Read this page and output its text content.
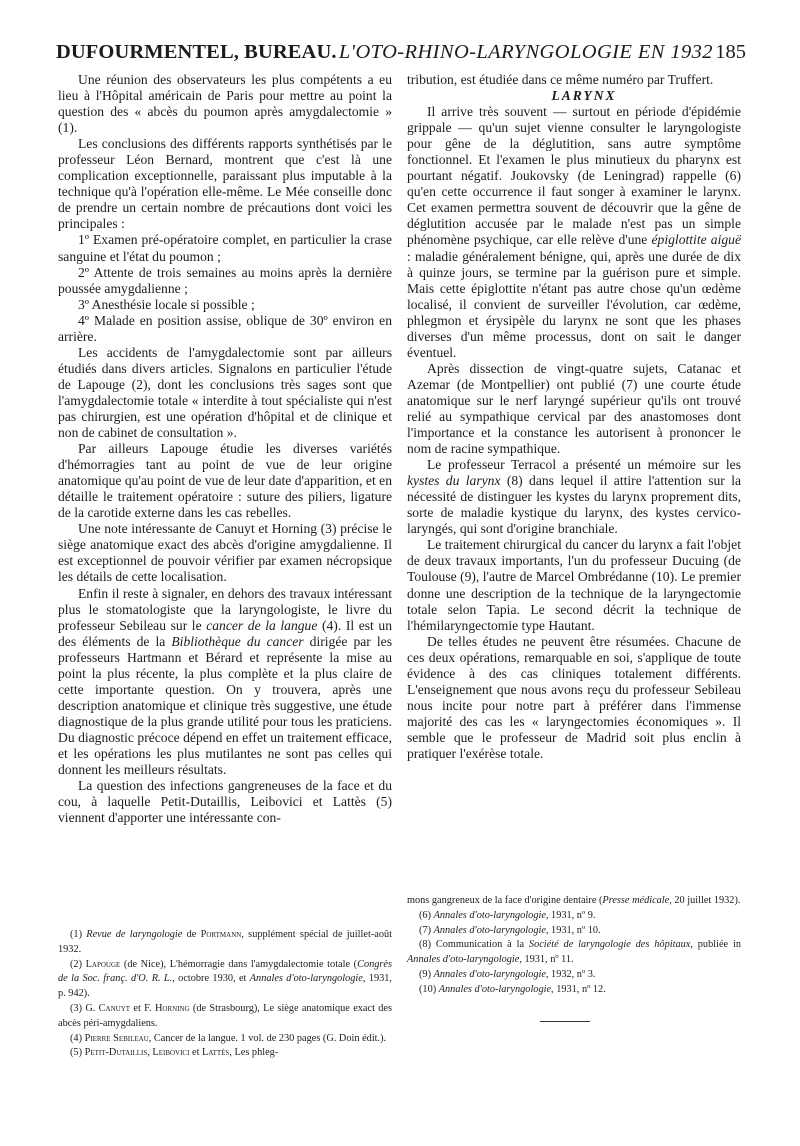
DUFOURMENTEL, BUREAU. L'OTO-RHINO-LARYNGOLOGIE EN 1932 185

Une réunion des observateurs les plus compétents a eu lieu à l'Hôpital américain de Paris pour mettre au point la question des « abcès du poumon après amygdalectomie » (1).

Les conclusions des différents rapports synthétisés par le professeur Léon Bernard, montrent que c'est là une complication exceptionnelle, paraissant plus imputable à la technique qu'à l'opération elle-même. Le Mée conseille donc de prendre un certain nombre de précautions dont voici les principales :

1º Examen pré-opératoire complet, en particulier la crase sanguine et l'état du poumon ;

2º Attente de trois semaines au moins après la dernière poussée amygdalienne ;

3º Anesthésie locale si possible ;

4º Malade en position assise, oblique de 30º environ en arrière.

Les accidents de l'amygdalectomie sont par ailleurs étudiés dans divers articles. Signalons en particulier l'étude de Lapouge (2), dont les conclusions très sages sont que l'amygdalectomie totale « interdite à tout spécialiste qui n'est pas chirurgien, est une opération d'hôpital et de clinique et non de cabinet de consultation ».

Par ailleurs Lapouge étudie les diverses variétés d'hémorragies tant au point de vue de leur origine anatomique qu'au point de vue de leur date d'apparition, et en détaille le traitement opératoire : suture des piliers, ligature de la carotide externe dans les cas rebelles.

Une note intéressante de Canuyt et Horning (3) précise le siège anatomique exact des abcès d'origine amygdalienne. Il est exceptionnel de pouvoir vérifier par examen nécropsique les détails de cette localisation.

Enfin il reste à signaler, en dehors des travaux intéressant plus le stomatologiste que la laryngologiste, le livre du professeur Sebileau sur le cancer de la langue (4). Il est un des éléments de la Bibliothèque du cancer dirigée par les professeurs Hartmann et Bérard et représente la mise au point la plus récente, la plus complète et la plus claire de cette importante question. On y trouvera, après une description anatomique et clinique très suggestive, une étude diagnostique de la plus grande utilité pour tous les praticiens. Du diagnostic précoce dépend en effet un traitement efficace, et les opérations les plus mutilantes ne sont pas celles qui donnent les meilleurs résultats.

La question des infections gangreneuses de la face et du cou, à laquelle Petit-Dutaillis, Leibovici et Lattès (5) viennent d'apporter une intéressante con-

tribution, est étudiée dans ce même numéro par Truffert.

LARYNX

Il arrive très souvent — surtout en période d'épidémie grippale — qu'un sujet vienne consulter le laryngologiste pour gêne de la déglutition, sans autre symptôme fonctionnel. Et l'examen le plus minutieux du pharynx est pourtant négatif. Joukovsky (de Leningrad) rappelle (6) qu'en cette occurrence il faut songer à examiner le larynx. Cet examen permettra souvent de découvrir que la gêne de déglutition accusée par le malade n'est pas un simple phénomène psychique, car elle relève d'une épiglottite aiguë : maladie généralement bénigne, qui, après une durée de dix à quinze jours, se termine par la guérison pure et simple. Mais cette épiglottite n'étant pas autre chose qu'un œdème localisé, il convient de surveiller l'évolution, car œdème, phlegmon et érysipèle du larynx ne sont que les phases diverses d'un même processus, dont on sait le danger éventuel.

Après dissection de vingt-quatre sujets, Catanac et Azemar (de Montpellier) ont publié (7) une courte étude anatomique sur le nerf laryngé supérieur qu'ils ont trouvé relié au sympathique cervical par des anastomoses dont l'importance et la constance les autorisent à prononcer le nom de racine sympathique.

Le professeur Terracol a présenté un mémoire sur les kystes du larynx (8) dans lequel il attire l'attention sur la nécessité de distinguer les kystes du larynx proprement dits, sorte de maladie kystique du larynx, des kystes cervico-laryngés, qui sont d'origine branchiale.

Le traitement chirurgical du cancer du larynx a fait l'objet de deux travaux importants, l'un du professeur Ducuing (de Toulouse (9), l'autre de Marcel Ombrédanne (10). Le premier donne une description de la technique de la laryngectomie totale selon Tapia. Le second décrit la technique de l'hémilaryngectomie type Hautant.

De telles études ne peuvent être résumées. Chacune de ces deux opérations, remarquable en soi, s'applique de toute évidence à des cas cliniques totalement différents. L'enseignement que nous avons reçu du professeur Sebileau nous incite pour notre part à préférer dans l'immense majorité des cas les « laryngectomies économiques ». Il semble que le professeur de Madrid soit plus enclin à pratiquer l'exérèse totale.

(1) Revue de laryngologie de Portmann, supplément spécial de juillet-août 1932.

(2) Lapouge (de Nice), L'hémorragie dans l'amygdalectomie totale (Congrès de la Soc. franç. d'O. R. L., octobre 1930, et Annales d'oto-laryngologie, 1931, p. 942).

(3) G. Canuyt et F. Horning (de Strasbourg), Le siège anatomique exact des abcès péri-amygdaliens.

(4) Pierre Sebileau, Cancer de la langue. 1 vol. de 230 pages (G. Doin édit.).

(5) Petit-Dutaillis, Leibovici et Lattès, Les phleg-

mons gangreneux de la face d'origine dentaire (Presse médicale, 20 juillet 1932).

(6) Annales d'oto-laryngologie, 1931, nº 9.

(7) Annales d'oto-laryngologie, 1931, nº 10.

(8) Communication à la Société de laryngologie des hôpitaux, publiée in Annales d'oto-laryngologie, 1931, nº 11.

(9) Annales d'oto-laryngologie, 1932, nº 3.

(10) Annales d'oto-laryngologie, 1931, nº 12.
